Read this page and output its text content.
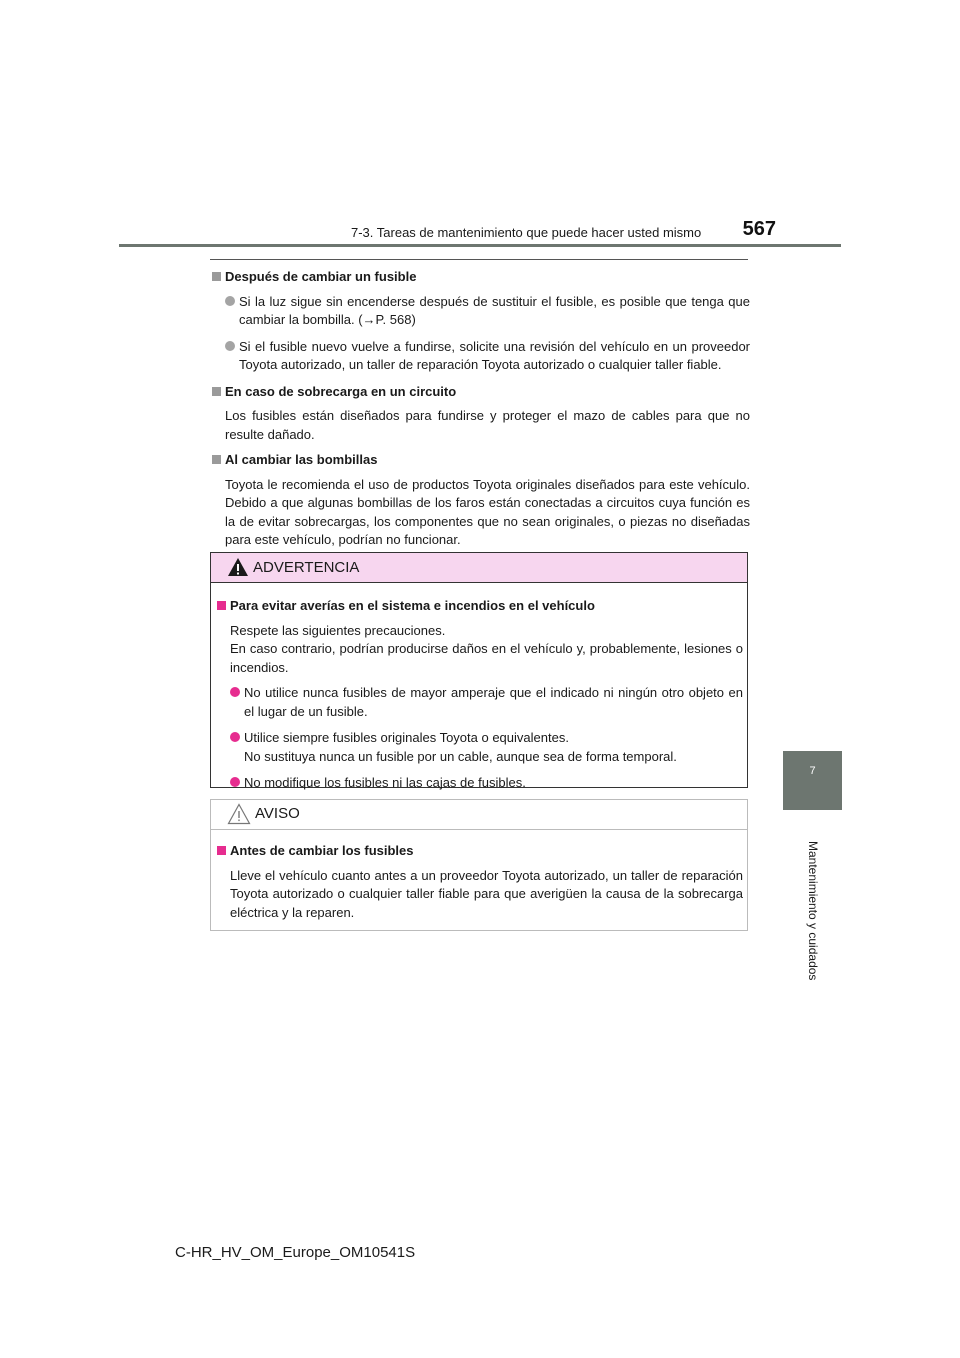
7-3. Tareas de mantenimiento que puede hacer usted mismo	567
7
Mantenimiento y cuidados
Después de cambiar un fusible
Si la luz sigue sin encenderse después de sustituir el fusible, es posible que tenga que cambiar la bombilla. (→P. 568)
Si el fusible nuevo vuelve a fundirse, solicite una revisión del vehículo en un proveedor Toyota autorizado, un taller de reparación Toyota autorizado o cualquier taller fiable.
En caso de sobrecarga en un circuito
Los fusibles están diseñados para fundirse y proteger el mazo de cables para que no resulte dañado.
Al cambiar las bombillas
Toyota le recomienda el uso de productos Toyota originales diseñados para este vehículo. Debido a que algunas bombillas de los faros están conectadas a circuitos cuya función es la de evitar sobrecargas, los componentes que no sean originales, o piezas no diseñadas para este vehículo, podrían no funcionar.
ADVERTENCIA
Para evitar averías en el sistema e incendios en el vehículo
Respete las siguientes precauciones.
En caso contrario, podrían producirse daños en el vehículo y, probablemente, lesiones o incendios.
No utilice nunca fusibles de mayor amperaje que el indicado ni ningún otro objeto en el lugar de un fusible.
Utilice siempre fusibles originales Toyota o equivalentes.
No sustituya nunca un fusible por un cable, aunque sea de forma temporal.
No modifique los fusibles ni las cajas de fusibles.
AVISO
Antes de cambiar los fusibles
Lleve el vehículo cuanto antes a un proveedor Toyota autorizado, un taller de reparación Toyota autorizado o cualquier taller fiable para que averigüen la causa de la sobrecarga eléctrica y la reparen.
C-HR_HV_OM_Europe_OM10541S
